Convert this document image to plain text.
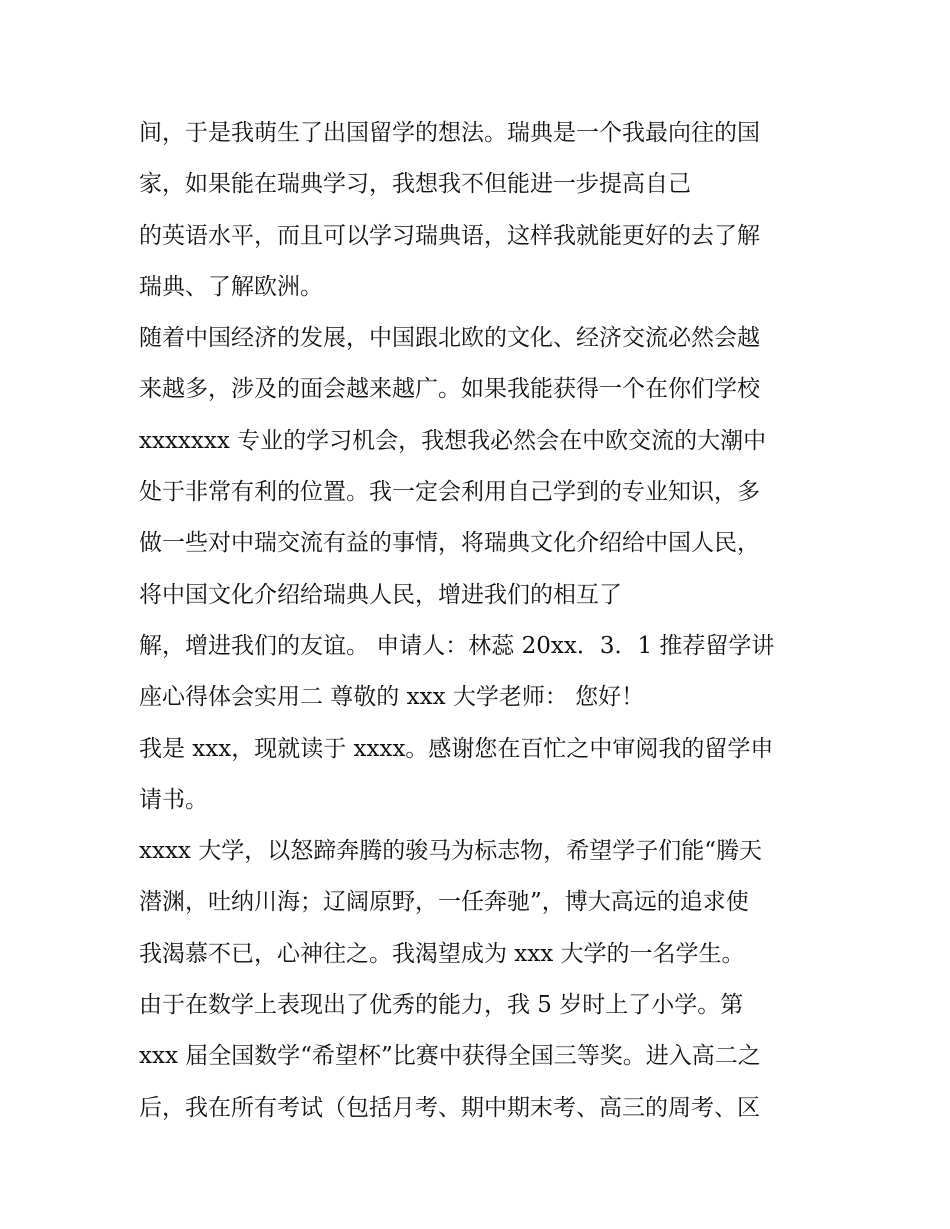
间，于是我萌生了出国留学的想法。瑞典是一个我最向往的国
家，如果能在瑞典学习，我想我不但能进一步提高自己
的英语水平，而且可以学习瑞典语，这样我就能更好的去了解
瑞典、了解欧洲。
随着中国经济的发展，中国跟北欧的文化、经济交流必然会越
来越多，涉及的面会越来越广。如果我能获得一个在你们学校
xxxxxxx 专业的学习机会，我想我必然会在中欧交流的大潮中
处于非常有利的位置。我一定会利用自己学到的专业知识，多
做一些对中瑞交流有益的事情，将瑞典文化介绍给中国人民，
将中国文化介绍给瑞典人民，增进我们的相互了
解，增进我们的友谊。 申请人：林蕊 20xx．3．1 推荐留学讲
座心得体会实用二 尊敬的 xxx 大学老师： 您好！
我是 xxx，现就读于 xxxx。感谢您在百忙之中审阅我的留学申
请书。
xxxx 大学，以怒蹄奔腾的骏马为标志物，希望学子们能“腾天
潜渊，吐纳川海；辽阔原野，一任奔驰”，博大高远的追求使
我渴慕不已，心神往之。我渴望成为 xxx 大学的一名学生。
由于在数学上表现出了优秀的能力，我 5 岁时上了小学。第
xxx 届全国数学“希望杯”比赛中获得全国三等奖。进入高二之
后，我在所有考试（包括月考、期中期末考、高三的周考、区
